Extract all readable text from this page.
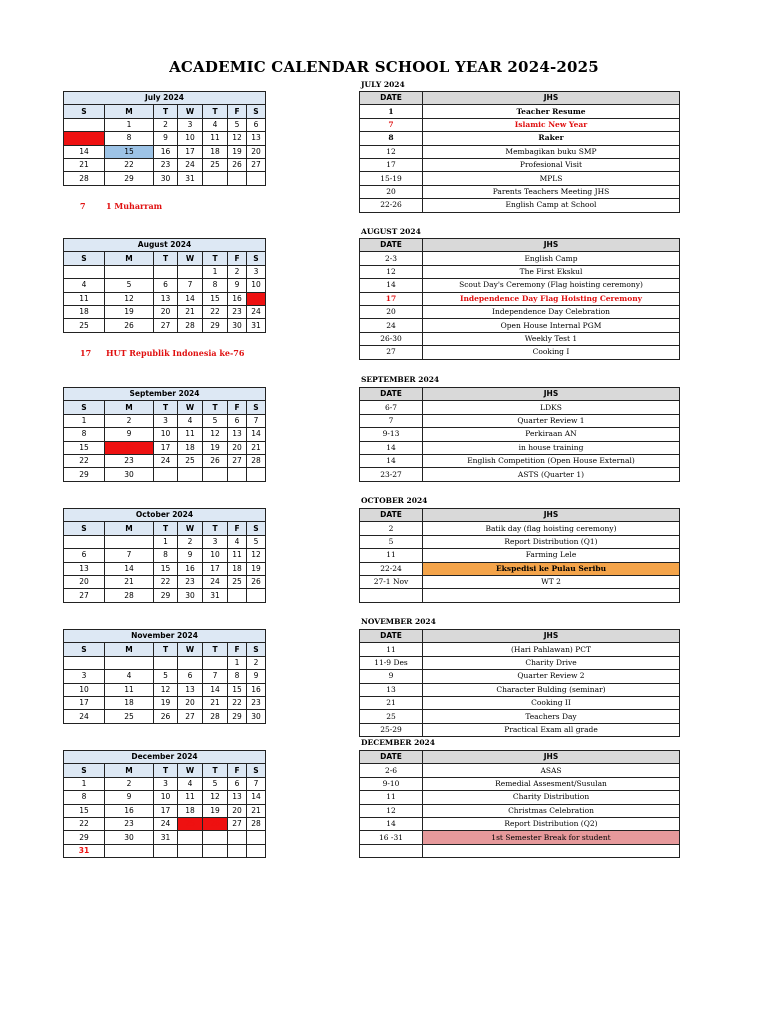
ACADEMIC CALENDAR SCHOOL YEAR 2024-2025
JULY 2024
July 2024						
S	M	T	W	T	F	S
	1	2	3	4	5	6
7	8	9	10	11	12	13
14	15	16	17	18	19	20
21	22	23	24	25	26	27
28	29	30	31			
7	1 Muharram
DATE	JHS
1	Teacher Resume
7	Islamic New Year
8	Raker
12	Membagikan buku SMP
17	Profesional Visit
15-19	MPLS
20	Parents Teachers Meeting JHS
22-26	English Camp at School
AUGUST 2024
August 2024						
S	M	T	W	T	F	S
				1	2	3
4	5	6	7	8	9	10
11	12	13	14	15	16	17
18	19	20	21	22	23	24
25	26	27	28	29	30	31
17 HUT Republik Indonesia ke-76
DATE	JHS
2-3	English Camp
12	The First Ekskul
14	Scout Day's Ceremony (Flag hoisting ceremony)
17	Independence Day Flag Hoisting Ceremony
20	Independence Day Celebration
24	Open House Internal PGM
26-30	Weekly Test 1
27	Cooking I
SEPTEMBER 2024
September 2024						
S	M	T	W	T	F	S
1	2	3	4	5	6	7
8	9	10	11	12	13	14
15	16	17	18	19	20	21
22	23	24	25	26	27	28
29	30					
DATE	JHS
6-7	LDKS
7	Quarter Review 1
9-13	Perkiraan AN
14	in house training
14	English Competition (Open House External)
23-27	ASTS (Quarter 1)
OCTOBER 2024
October 2024						
S	M	T	W	T	F	S
		1	2	3	4	5
6	7	8	9	10	11	12
13	14	15	16	17	18	19
20	21	22	23	24	25	26
27	28	29	30	31		
DATE	JHS
2	Batik day (flag hoisting ceremony)
5	Report Distribution (Q1)
11	Farming Lele
22-24	Ekspedisi ke Pulau Seribu
27-1 Nov	WT 2

NOVEMBER 2024
November 2024						
S	M	T	W	T	F	S
					1	2
3	4	5	6	7	8	9
10	11	12	13	14	15	16
17	18	19	20	21	22	23
24	25	26	27	28	29	30
DATE	JHS
11	(Hari Pahlawan) PCT
11-9 Des	Charity Drive
9	Quarter Review 2
13	Character Bulding (seminar)
21	Cooking II
25	Teachers Day
25-29	Practical Exam all grade
DECEMBER 2024
December 2024						
S	M	T	W	T	F	S
1	2	3	4	5	6	7
8	9	10	11	12	13	14
15	16	17	18	19	20	21
22	23	24	25	26	27	28
29	30	31				
31						
DATE	JHS
2-6	ASAS
9-10	Remedial Assesment/Susulan
11	Charity Distribution
12	Christmas Celebration
14	Report Distribution (Q2)
16 -31	1st Semester Break for student
